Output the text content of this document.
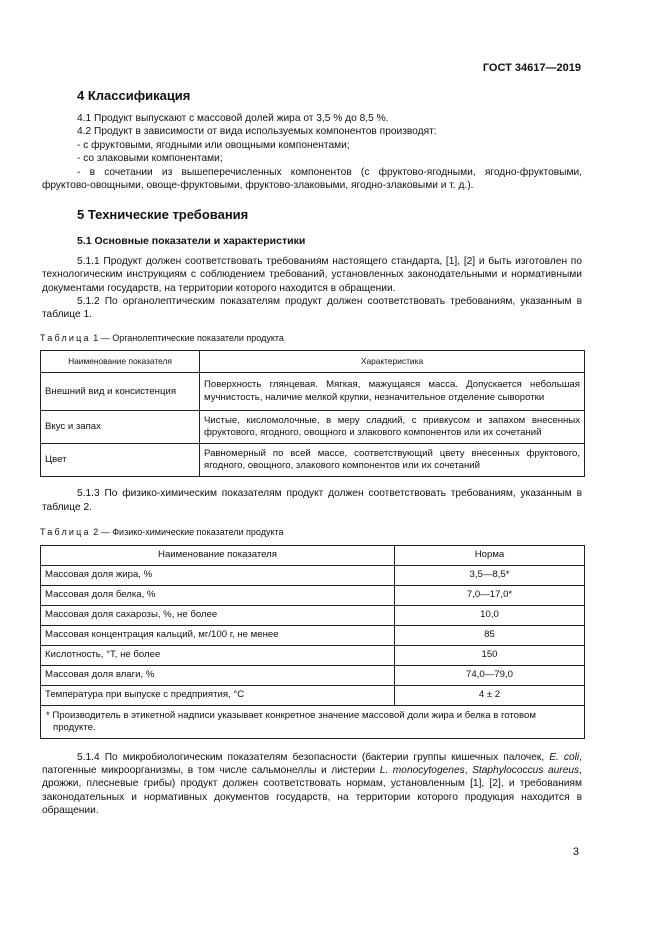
ГОСТ 34617—2019
4 Классификация

4.1 Продукт выпускают с массовой долей жира от 3,5 % до 8,5 %.

4.2 Продукт в зависимости от вида используемых компонентов производят:

- с фруктовыми, ягодными или овощными компонентами;

- со злаковыми компонентами;

- в сочетании из вышеперечисленных компонентов (с фруктово-ягодными, ягодно-фруктовыми, фруктово-овощными, овоще-фруктовыми, фруктово-злаковыми, ягодно-злаковыми и т. д.).

5 Технические требования
5.1 Основные показатели и характеристики

5.1.1 Продукт должен соответствовать требованиям настоящего стандарта, [1], [2] и быть изготовлен по технологическим инструкциям с соблюдением требований, установленных законодательными и нормативными документами государств, на территории которого находится в обращении.

5.1.2 По органолептическим показателям продукт должен соответствовать требованиям, указанным в таблице 1.

Таблица 1 — Органолептические показатели продукта
Наименование показателя	Характеристика
Внешний вид и консистенция	Поверхность глянцевая. Мягкая, мажущаяся масса. Допускается небольшая мучнистость, наличие мелкой крупки, незначительное отделение сыворотки
Вкус и запах	Чистые, кисломолочные, в меру сладкий, с привкусом и запахом внесенных фруктового, ягодного, овощного и злакового компонентов или их сочетаний
Цвет	Равномерный по всей массе, соответствующий цвету внесенных фруктового, ягодного, овощного, злакового компонентов или их сочетаний

5.1.3 По физико-химическим показателям продукт должен соответствовать требованиям, указанным в таблице 2.

Таблица 2 — Физико-химические показатели продукта
Наименование показателя	Норма
Массовая доля жира, %	3,5—8,5*
Массовая доля белка, %	7,0—17,0*
Массовая доля сахарозы, %, не более	10,0
Массовая концентрация кальций, мг/100 г, не менее	85
Кислотность, °Т, не более	150
Массовая доля влаги, %	74,0—79,0
Температура при выпуске с предприятия, °С	4 ± 2
* Производитель в этикетной надписи указывает конкретное значение массовой доли жира и белка в готовом продукте.	

5.1.4 По микробиологическим показателям безопасности (бактерии группы кишечных палочек, E. coli, патогенные микроорганизмы, в том числе сальмонеллы и листерии L. monocytogenes, Staphylococcus aureus, дрожжи, плесневые грибы) продукт должен соответствовать нормам, установленным [1], [2], и требованиям законодательных и нормативных документов государств, на территории которого продукция находится в обращении.

3
